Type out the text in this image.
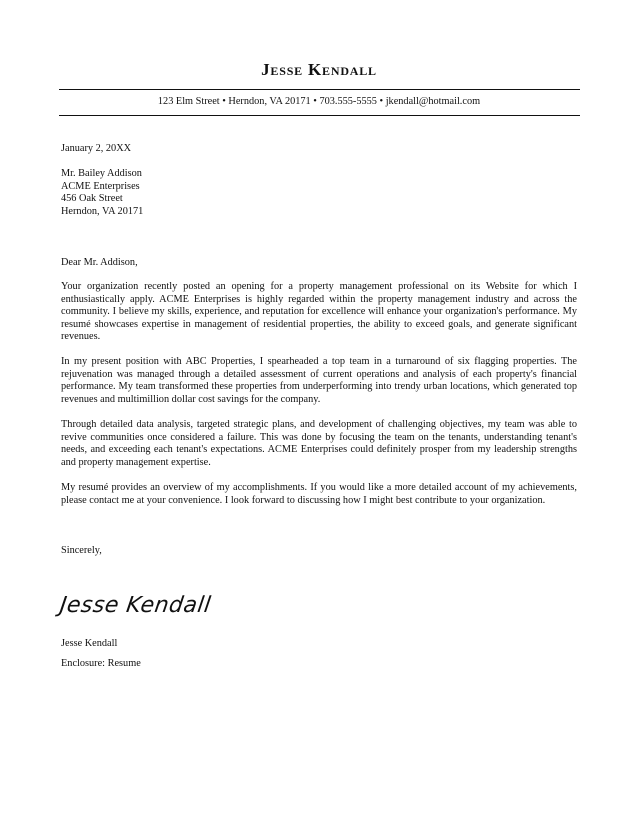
Jesse Kendall
123 Elm Street • Herndon, VA 20171 • 703.555-5555 • jkendall@hotmail.com
January 2, 20XX
Mr. Bailey Addison
ACME Enterprises
456 Oak Street
Herndon, VA 20171
Dear Mr. Addison,
Your organization recently posted an opening for a property management professional on its Website for which I enthusiastically apply. ACME Enterprises is highly regarded within the property management industry and across the community. I believe my skills, experience, and reputation for excellence will enhance your organization's performance. My resumé showcases expertise in management of residential properties, the ability to exceed goals, and generate significant revenues.
In my present position with ABC Properties, I spearheaded a top team in a turnaround of six flagging properties. The rejuvenation was managed through a detailed assessment of current operations and analysis of each property's financial performance. My team transformed these properties from underperforming into trendy urban locations, which generated top revenues and multimillion dollar cost savings for the company.
Through detailed data analysis, targeted strategic plans, and development of challenging objectives, my team was able to revive communities once considered a failure. This was done by focusing the team on the tenants, understanding tenant's needs, and exceeding each tenant's expectations. ACME Enterprises could definitely prosper from my leadership strengths and property management expertise.
My resumé provides an overview of my accomplishments. If you would like a more detailed account of my achievements, please contact me at your convenience. I look forward to discussing how I might best contribute to your organization.
Sincerely,
Jesse Kendall
Jesse Kendall
Enclosure: Resume
